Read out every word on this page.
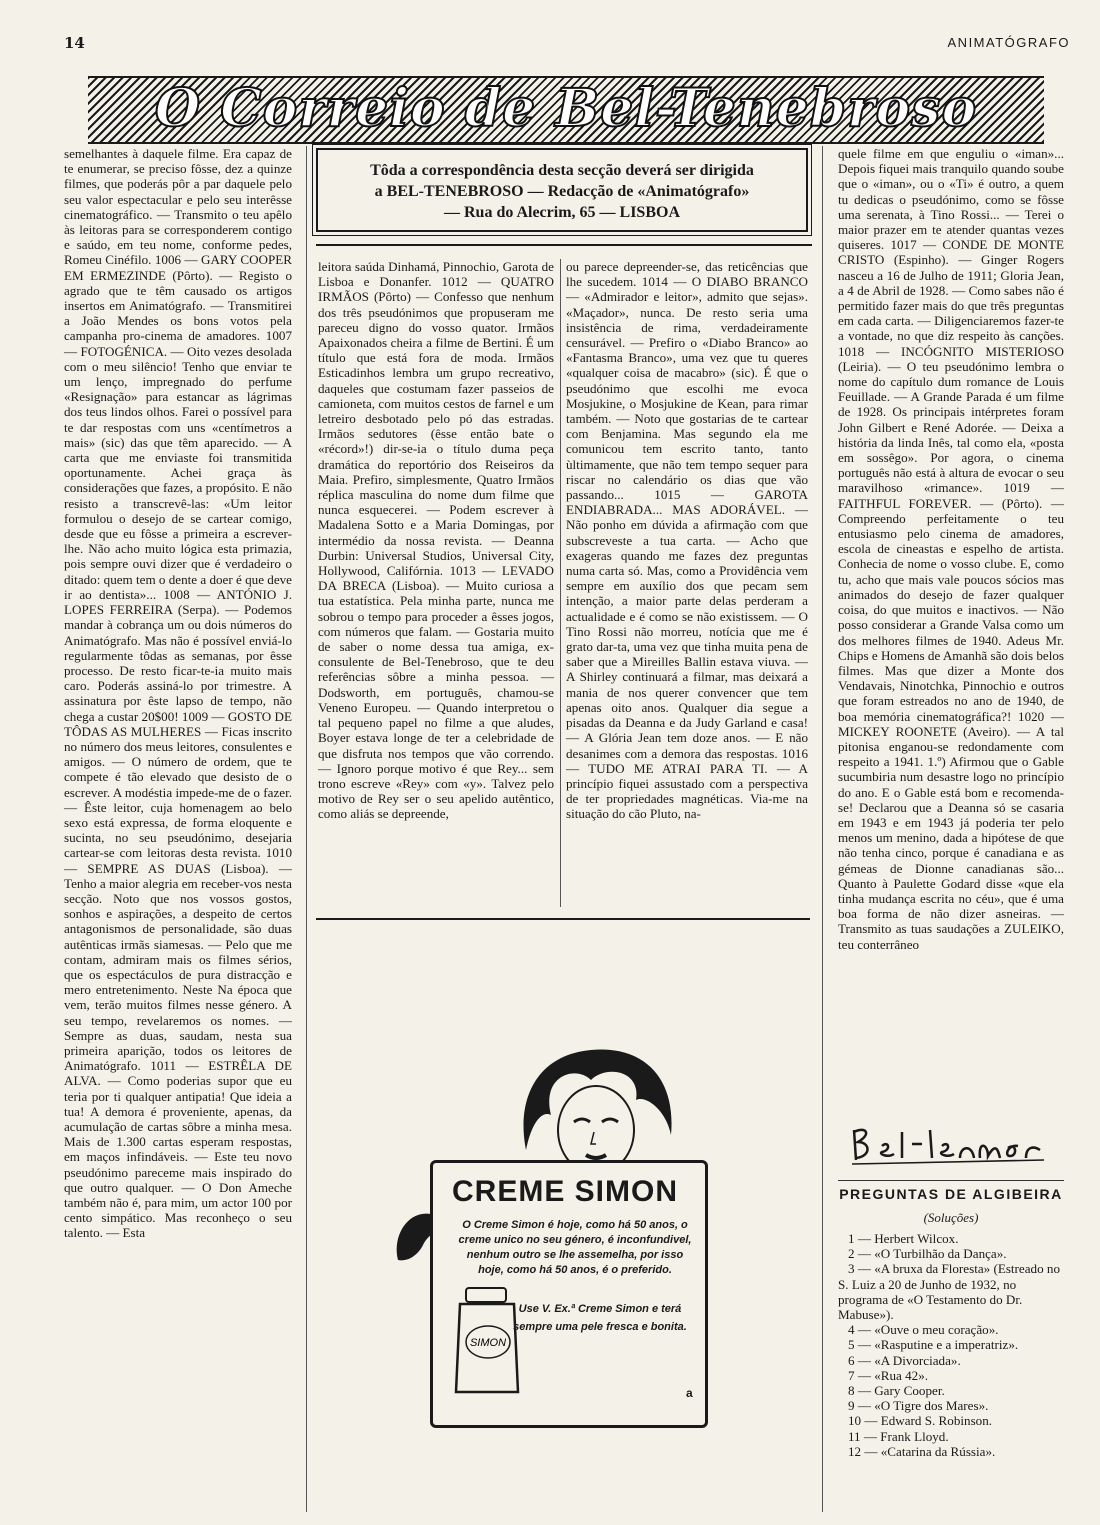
14	ANIMATÓGRAFO
O Correio de Bel-Tenebroso
semelhantes à daquele filme. Era capaz de te enumerar, se preciso fôsse, dez a quinze filmes, que poderás pôr a par daquele pelo seu valor espectacular e pelo seu interêsse cinematográfico. — Transmito o teu apêlo às leitoras para se corresponderem contigo e saúdo, em teu nome, conforme pedes, Romeu Cinéfilo. 1006 — GARY COOPER EM ERMEZINDE (Pôrto). — Registo o agrado que te têm causado os artigos insertos em Animatógrafo. — Transmitirei a João Mendes os bons votos pela campanha pro-cinema de amadores. 1007 — FOTOGÉNICA. — Oito vezes desolada com o meu silêncio! Tenho que enviar te um lenço, impregnado do perfume «Resignação» para estancar as lágrimas dos teus lindos olhos. Farei o possível para te dar respostas com uns «centímetros a mais» (sic) das que têm aparecido. — A carta que me enviaste foi transmitida oportunamente. Achei graça às considerações que fazes, a propósito. E não resisto a transcrevê-las: «Um leitor formulou o desejo de se cartear comigo, desde que eu fôsse a primeira a escrever-lhe. Não acho muito lógica esta primazia, pois sempre ouvi dizer que é verdadeiro o ditado: quem tem o dente a doer é que deve ir ao dentista»... 1008 — ANTÓNIO J. LOPES FERREIRA (Serpa). — Podemos mandar à cobrança um ou dois números do Animatógrafo. Mas não é possível enviá-lo regularmente tôdas as semanas, por êsse processo. De resto ficar-te-ia muito mais caro. Poderás assiná-lo por trimestre. A assinatura por êste lapso de tempo, não chega a custar 20$00! 1009 — GOSTO DE TÔDAS AS MULHERES — Ficas inscrito no número dos meus leitores, consulentes e amigos. — O número de ordem, que te compete é tão elevado que desisto de o escrever. A modéstia impede-me de o fazer. — Êste leitor, cuja homenagem ao belo sexo está expressa, de forma eloquente e sucinta, no seu pseudónimo, desejaria cartear-se com leitoras desta revista. 1010 — SEMPRE AS DUAS (Lisboa). — Tenho a maior alegria em receber-vos nesta secção. Noto que nos vossos gostos, sonhos e aspirações, a despeito de certos antagonismos de personalidade, são duas autênticas irmãs siamesas. — Pelo que me contam, admiram mais os filmes sérios, que os espectáculos de pura distracção e mero entretenimento. Neste Na época que vem, terão muitos filmes nesse género. A seu tempo, revelaremos os nomes. — Sempre as duas, saudam, nesta sua primeira aparição, todos os leitores de Animatógrafo. 1011 — ESTRÊLA DE ALVA. — Como poderias supor que eu teria por ti qualquer antipatia! Que ideia a tua! A demora é proveniente, apenas, da acumulação de cartas sôbre a minha mesa. Mais de 1.300 cartas esperam respostas, em maços infindáveis. — Este teu novo pseudónimo pareceme mais inspirado do que outro qualquer. — O Don Ameche também não é, para mim, um actor 100 por cento simpático. Mas reconheço o seu talento. — Esta
Tôda a correspondência desta secção deverá ser dirigida
a BEL-TENEBROSO — Redacção de «Animatógrafo»
— Rua do Alecrim, 65 — LISBOA
leitora saúda Dinhamá, Pinnochio, Garota de Lisboa e Donanfer. 1012 — QUATRO IRMÃOS (Pôrto) — Confesso que nenhum dos três pseudónimos que propuseram me pareceu digno do vosso quator. Irmãos Apaixonados cheira a filme de Bertini. É um título que está fora de moda. Irmãos Esticadinhos lembra um grupo recreativo, daqueles que costumam fazer passeios de camioneta, com muitos cestos de farnel e um letreiro desbotado pelo pó das estradas. Irmãos sedutores (êsse então bate o «récord»!) dir-se-ia o título duma peça dramática do reportório dos Reiseiros da Maia. Prefiro, simplesmente, Quatro Irmãos réplica masculina do nome dum filme que nunca esquecerei. — Podem escrever à Madalena Sotto e a Maria Domingas, por intermédio da nossa revista. — Deanna Durbin: Universal Studios, Universal City, Hollywood, Califórnia. 1013 — LEVADO DA BRECA (Lisboa). — Muito curiosa a tua estatística. Pela minha parte, nunca me sobrou o tempo para proceder a êsses jogos, com números que falam. — Gostaria muito de saber o nome dessa tua amiga, ex-consulente de Bel-Tenebroso, que te deu referências sôbre a minha pessoa. — Dodsworth, em português, chamou-se Veneno Europeu. — Quando interpretou o tal pequeno papel no filme a que aludes, Boyer estava longe de ter a celebridade de que disfruta nos tempos que vão correndo. — Ignoro porque motivo é que Rey... sem trono escreve «Rey» com «y». Talvez pelo motivo de Rey ser o seu apelido autêntico, como aliás se depreende,
ou parece depreender-se, das reticências que lhe sucedem. 1014 — O DIABO BRANCO — «Admirador e leitor», admito que sejas». «Maçador», nunca. De resto seria uma insistência de rima, verdadeiramente censurável. — Prefiro o «Diabo Branco» ao «Fantasma Branco», uma vez que tu queres «qualquer coisa de macabro» (sic). É que o pseudónimo que escolhi me evoca Mosjukine, o Mosjukine de Kean, para rimar também. — Noto que gostarias de te cartear com Benjamina. Mas segundo ela me comunicou tem escrito tanto, tanto ùltimamente, que não tem tempo sequer para riscar no calendário os dias que vão passando... 1015 — GAROTA ENDIABRADA... MAS ADORÁVEL. — Não ponho em dúvida a afirmação com que subscreveste a tua carta. — Acho que exageras quando me fazes dez preguntas numa carta só. Mas, como a Providência vem sempre em auxílio dos que pecam sem intenção, a maior parte delas perderam a actualidade e é como se não existissem. — O Tino Rossi não morreu, notícia que me é grato dar-ta, uma vez que tinha muita pena de saber que a Mireilles Ballin estava viuva. — A Shirley continuará a filmar, mas deixará a mania de nos querer convencer que tem apenas oito anos. Qualquer dia segue a pisadas da Deanna e da Judy Garland e casa! — A Glória Jean tem doze anos. — E não desanimes com a demora das respostas. 1016 — TUDO ME ATRAI PARA TI. — A princípio fiquei assustado com a perspectiva de ter propriedades magnéticas. Via-me na situação do cão Pluto, na-
quele filme em que enguliu o «iman»... Depois fiquei mais tranquilo quando soube que o «iman», ou o «Ti» é outro, a quem tu dedicas o pseudónimo, como se fôsse uma serenata, à Tino Rossi... — Terei o maior prazer em te atender quantas vezes quiseres. 1017 — CONDE DE MONTE CRISTO (Espinho). — Ginger Rogers nasceu a 16 de Julho de 1911; Gloria Jean, a 4 de Abril de 1928. — Como sabes não é permitido fazer mais do que três preguntas em cada carta. — Diligenciaremos fazer-te a vontade, no que diz respeito às canções. 1018 — INCÓGNITO MISTERIOSO (Leiria). — O teu pseudónimo lembra o nome do capítulo dum romance de Louis Feuillade. — A Grande Parada é um filme de 1928. Os principais intérpretes foram John Gilbert e René Adorée. — Deixa a história da linda Inês, tal como ela, «posta em sossêgo». Por agora, o cinema português não está à altura de evocar o seu maravilhoso «rimance». 1019 — FAITHFUL FOREVER. — (Pôrto). — Compreendo perfeitamente o teu entusiasmo pelo cinema de amadores, escola de cineastas e espelho de artista. Conhecia de nome o vosso clube. E, como tu, acho que mais vale poucos sócios mas animados do desejo de fazer qualquer coisa, do que muitos e inactivos. — Não posso considerar a Grande Valsa como um dos melhores filmes de 1940. Adeus Mr. Chips e Homens de Amanhã são dois belos filmes. Mas que dizer a Monte dos Vendavais, Ninotchka, Pinnochio e outros que foram estreados no ano de 1940, de boa memória cinematográfica?! 1020 — MICKEY ROONETE (Aveiro). — A tal pitonisa enganou-se redondamente com respeito a 1941. 1.º) Afirmou que o Gable sucumbiria num desastre logo no princípio do ano. E o Gable está bom e recomenda-se! Declarou que a Deanna só se casaria em 1943 e em 1943 já poderia ter pelo menos um menino, dada a hipótese de que não tenha cinco, porque é canadiana e as gémeas de Dionne canadianas são... Quanto à Paulette Godard disse «que ela tinha mudança escrita no céu», que é uma boa forma de não dizer asneiras. — Transmito as tuas saudações a ZULEIKO, teu conterrâneo
CREME SIMON
O Creme Simon é hoje, como há 50 anos, o creme unico no seu género, é inconfundivel, nenhum outro se lhe assemelha, por isso hoje, como há 50 anos, é o preferido.
SIMON
Use V. Ex.ª Creme Simon e terá sempre uma pele fresca e bonita.
a
PREGUNTAS DE ALGIBEIRA
(Soluções)
1 — Herbert Wilcox.
2 — «O Turbilhão da Dança».
3 — «A bruxa da Floresta» (Estreado no S. Luiz a 20 de Junho de 1932, no programa de «O Testamento do Dr. Mabuse»).
4 — «Ouve o meu coração».
5 — «Rasputine e a imperatriz».
6 — «A Divorciada».
7 — «Rua 42».
8 — Gary Cooper.
9 — «O Tigre dos Mares».
10 — Edward S. Robinson.
11 — Frank Lloyd.
12 — «Catarina da Rússia».
